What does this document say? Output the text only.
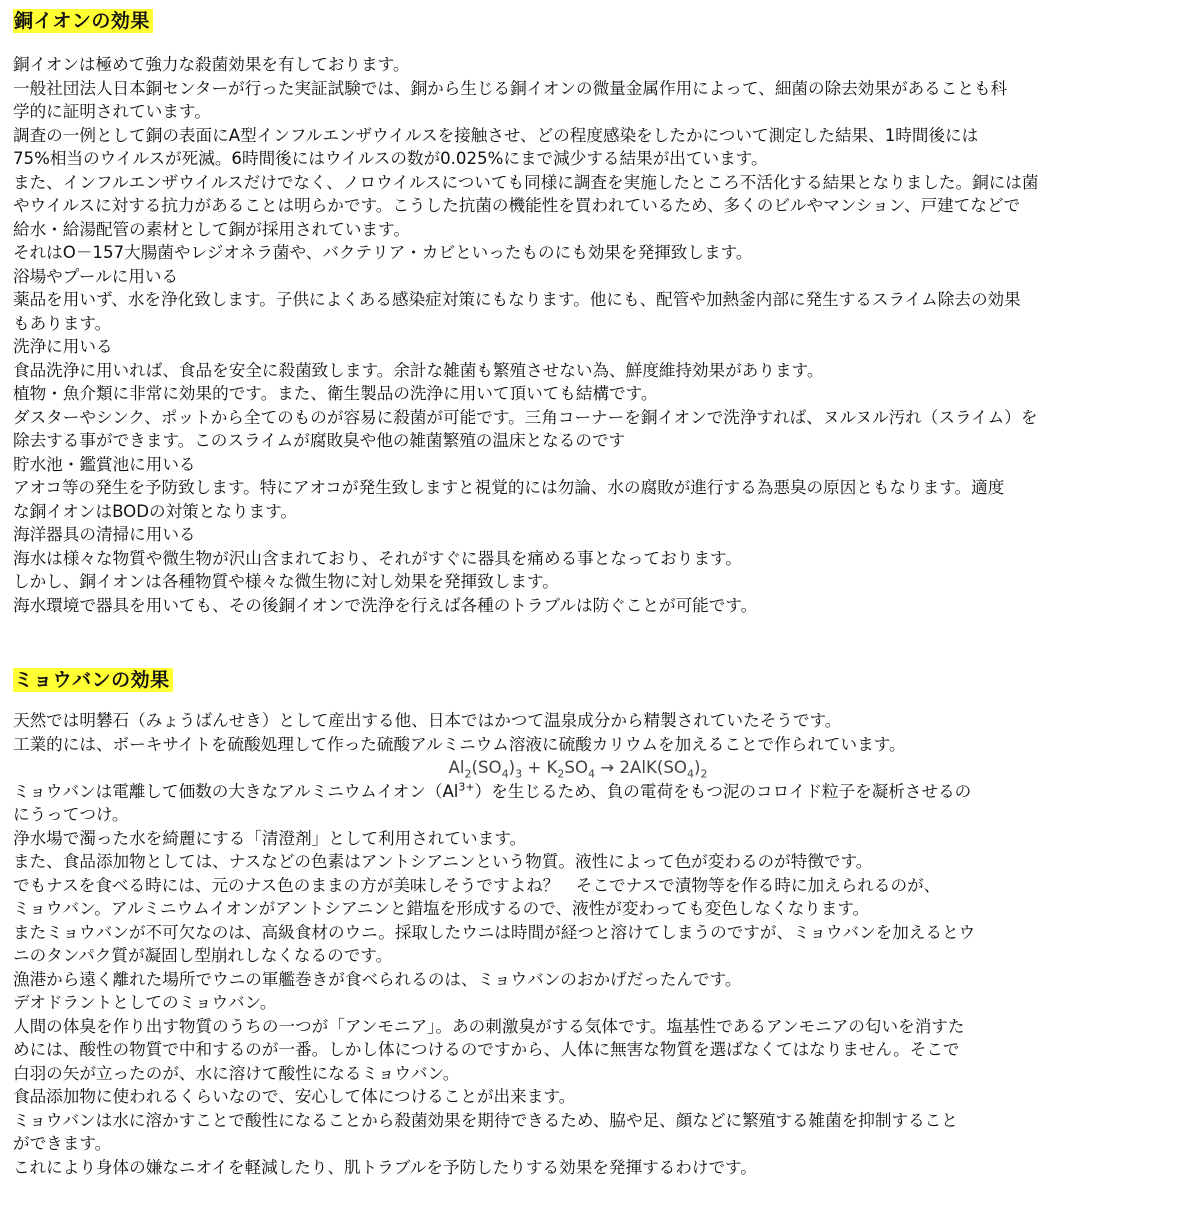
銅イオンの効果
銅イオンは極めて強力な殺菌効果を有しております。
一般社団法人日本銅センターが行った実証試験では、銅から生じる銅イオンの微量金属作用によって、細菌の除去効果があることも科
学的に証明されています。
調査の一例として銅の表面にA型インフルエンザウイルスを接触させ、どの程度感染をしたかについて測定した結果、1時間後には
75%相当のウイルスが死滅。6時間後にはウイルスの数が0.025%にまで減少する結果が出ています。
また、インフルエンザウイルスだけでなく、ノロウイルスについても同様に調査を実施したところ不活化する結果となりました。銅には菌
やウイルスに対する抗力があることは明らかです。こうした抗菌の機能性を買われているため、多くのビルやマンション、戸建てなどで
給水・給湯配管の素材として銅が採用されています。
それはO－157大腸菌やレジオネラ菌や、バクテリア・カビといったものにも効果を発揮致します。
浴場やプールに用いる
薬品を用いず、水を浄化致します。子供によくある感染症対策にもなります。他にも、配管や加熱釜内部に発生するスライム除去の効果
もあります。
洗浄に用いる
食品洗浄に用いれば、食品を安全に殺菌致します。余計な雑菌も繁殖させない為、鮮度維持効果があります。
植物・魚介類に非常に効果的です。また、衛生製品の洗浄に用いて頂いても結構です。
ダスターやシンク、ポットから全てのものが容易に殺菌が可能です。三角コーナーを銅イオンで洗浄すれば、ヌルヌル汚れ（スライム）を
除去する事ができます。このスライムが腐敗臭や他の雑菌繁殖の温床となるのです
貯水池・鑑賞池に用いる
アオコ等の発生を予防致します。特にアオコが発生致しますと視覚的には勿論、水の腐敗が進行する為悪臭の原因ともなります。適度
な銅イオンはBODの対策となります。
海洋器具の清掃に用いる
海水は様々な物質や微生物が沢山含まれており、それがすぐに器具を痛める事となっております。
しかし、銅イオンは各種物質や様々な微生物に対し効果を発揮致します。
海水環境で器具を用いても、その後銅イオンで洗浄を行えば各種のトラブルは防ぐことが可能です。
ミョウバンの効果
天然では明礬石（みょうばんせき）として産出する他、日本ではかつて温泉成分から精製されていたそうです。
工業的には、ボーキサイトを硫酸処理して作った硫酸アルミニウム溶液に硫酸カリウムを加えることで作られています。
$Al_2(SO_4)_3 + K_2SO_4 \to 2AlK(SO_4)_2$
ミョウバンは電離して価数の大きなアルミニウムイオン$(Al^{3+})$を生じるため、負の電荷をもつ泥のコロイド粒子を凝析させるの
にうってつけ。
浄水場で濁った水を綺麗にする「清澄剤」として利用されています。
また、食品添加物としては、ナスなどの色素はアントシアニンという物質。液性によって色が変わるのが特徴です。
でもナスを食べる時には、元のナス色のままの方が美味しそうですよね？　そこでナスで漬物等を作る時に加えられるのが、
ミョウバン。アルミニウムイオンがアントシアニンと錯塩を形成するので、液性が変わっても変色しなくなります。
またミョウバンが不可欠なのは、高級食材のウニ。採取したウニは時間が経つと溶けてしまうのですが、ミョウバンを加えるとウ
ニのタンパク質が凝固し型崩れしなくなるのです。
漁港から遠く離れた場所でウニの軍艦巻きが食べられるのは、ミョウバンのおかげだったんです。
デオドラントとしてのミョウバン。
人間の体臭を作り出す物質のうちの一つが「アンモニア」。あの刺激臭がする気体です。塩基性であるアンモニアの匂いを消すた
めには、酸性の物質で中和するのが一番。しかし体につけるのですから、人体に無害な物質を選ばなくてはなりません。そこで
白羽の矢が立ったのが、水に溶けて酸性になるミョウバン。
食品添加物に使われるくらいなので、安心して体につけることが出来ます。
ミョウバンは水に溶かすことで酸性になることから殺菌効果を期待できるため、脇や足、顔などに繁殖する雑菌を抑制すること
ができます。
これにより身体の嫌なニオイを軽減したり、肌トラブルを予防したりする効果を発揮するわけです。
